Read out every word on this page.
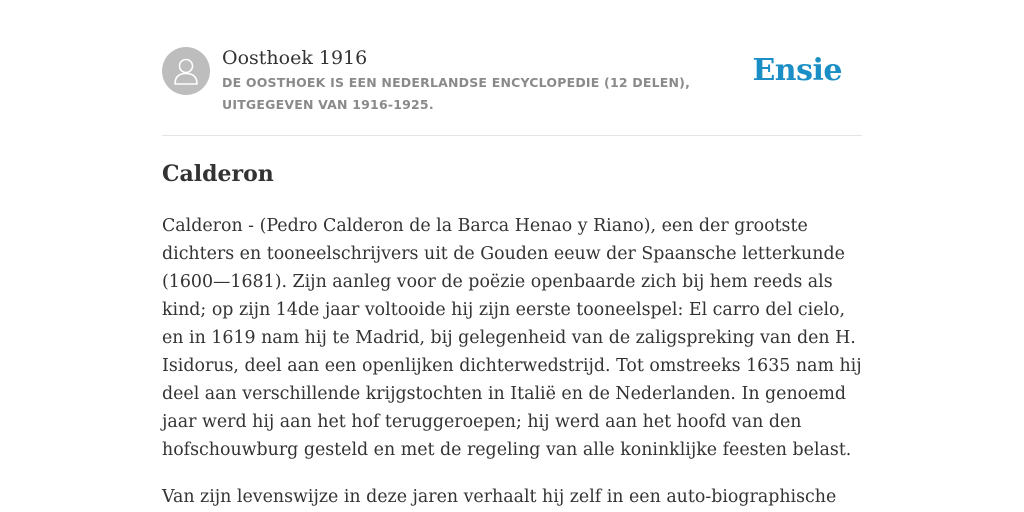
Oosthoek 1916
DE OOSTHOEK IS EEN NEDERLANDSE ENCYCLOPEDIE (12 DELEN), UITGEGEVEN VAN 1916-1925.
Ensie
Calderon

Calderon - (Pedro Calderon de la Barca Henao y Riano), een der grootste dichters en tooneelschrijvers uit de Gouden eeuw der Spaansche letterkunde (1600—1681). Zijn aanleg voor de poëzie openbaarde zich bij hem reeds als kind; op zijn 14de jaar voltooide hij zijn eerste tooneelspel: El carro del cielo, en in 1619 nam hij te Madrid, bij gelegenheid van de zaligspreking van den H. Isidorus, deel aan een openlijken dichterwedstrijd. Tot omstreeks 1635 nam hij deel aan verschillende krijgstochten in Italië en de Nederlanden. In genoemd jaar werd hij aan het hof teruggeroepen; hij werd aan het hoofd van den hofschouwburg gesteld en met de regeling van alle koninklijke feesten belast.

Van zijn levenswijze in deze jaren verhaalt hij zelf in een auto-biographische
